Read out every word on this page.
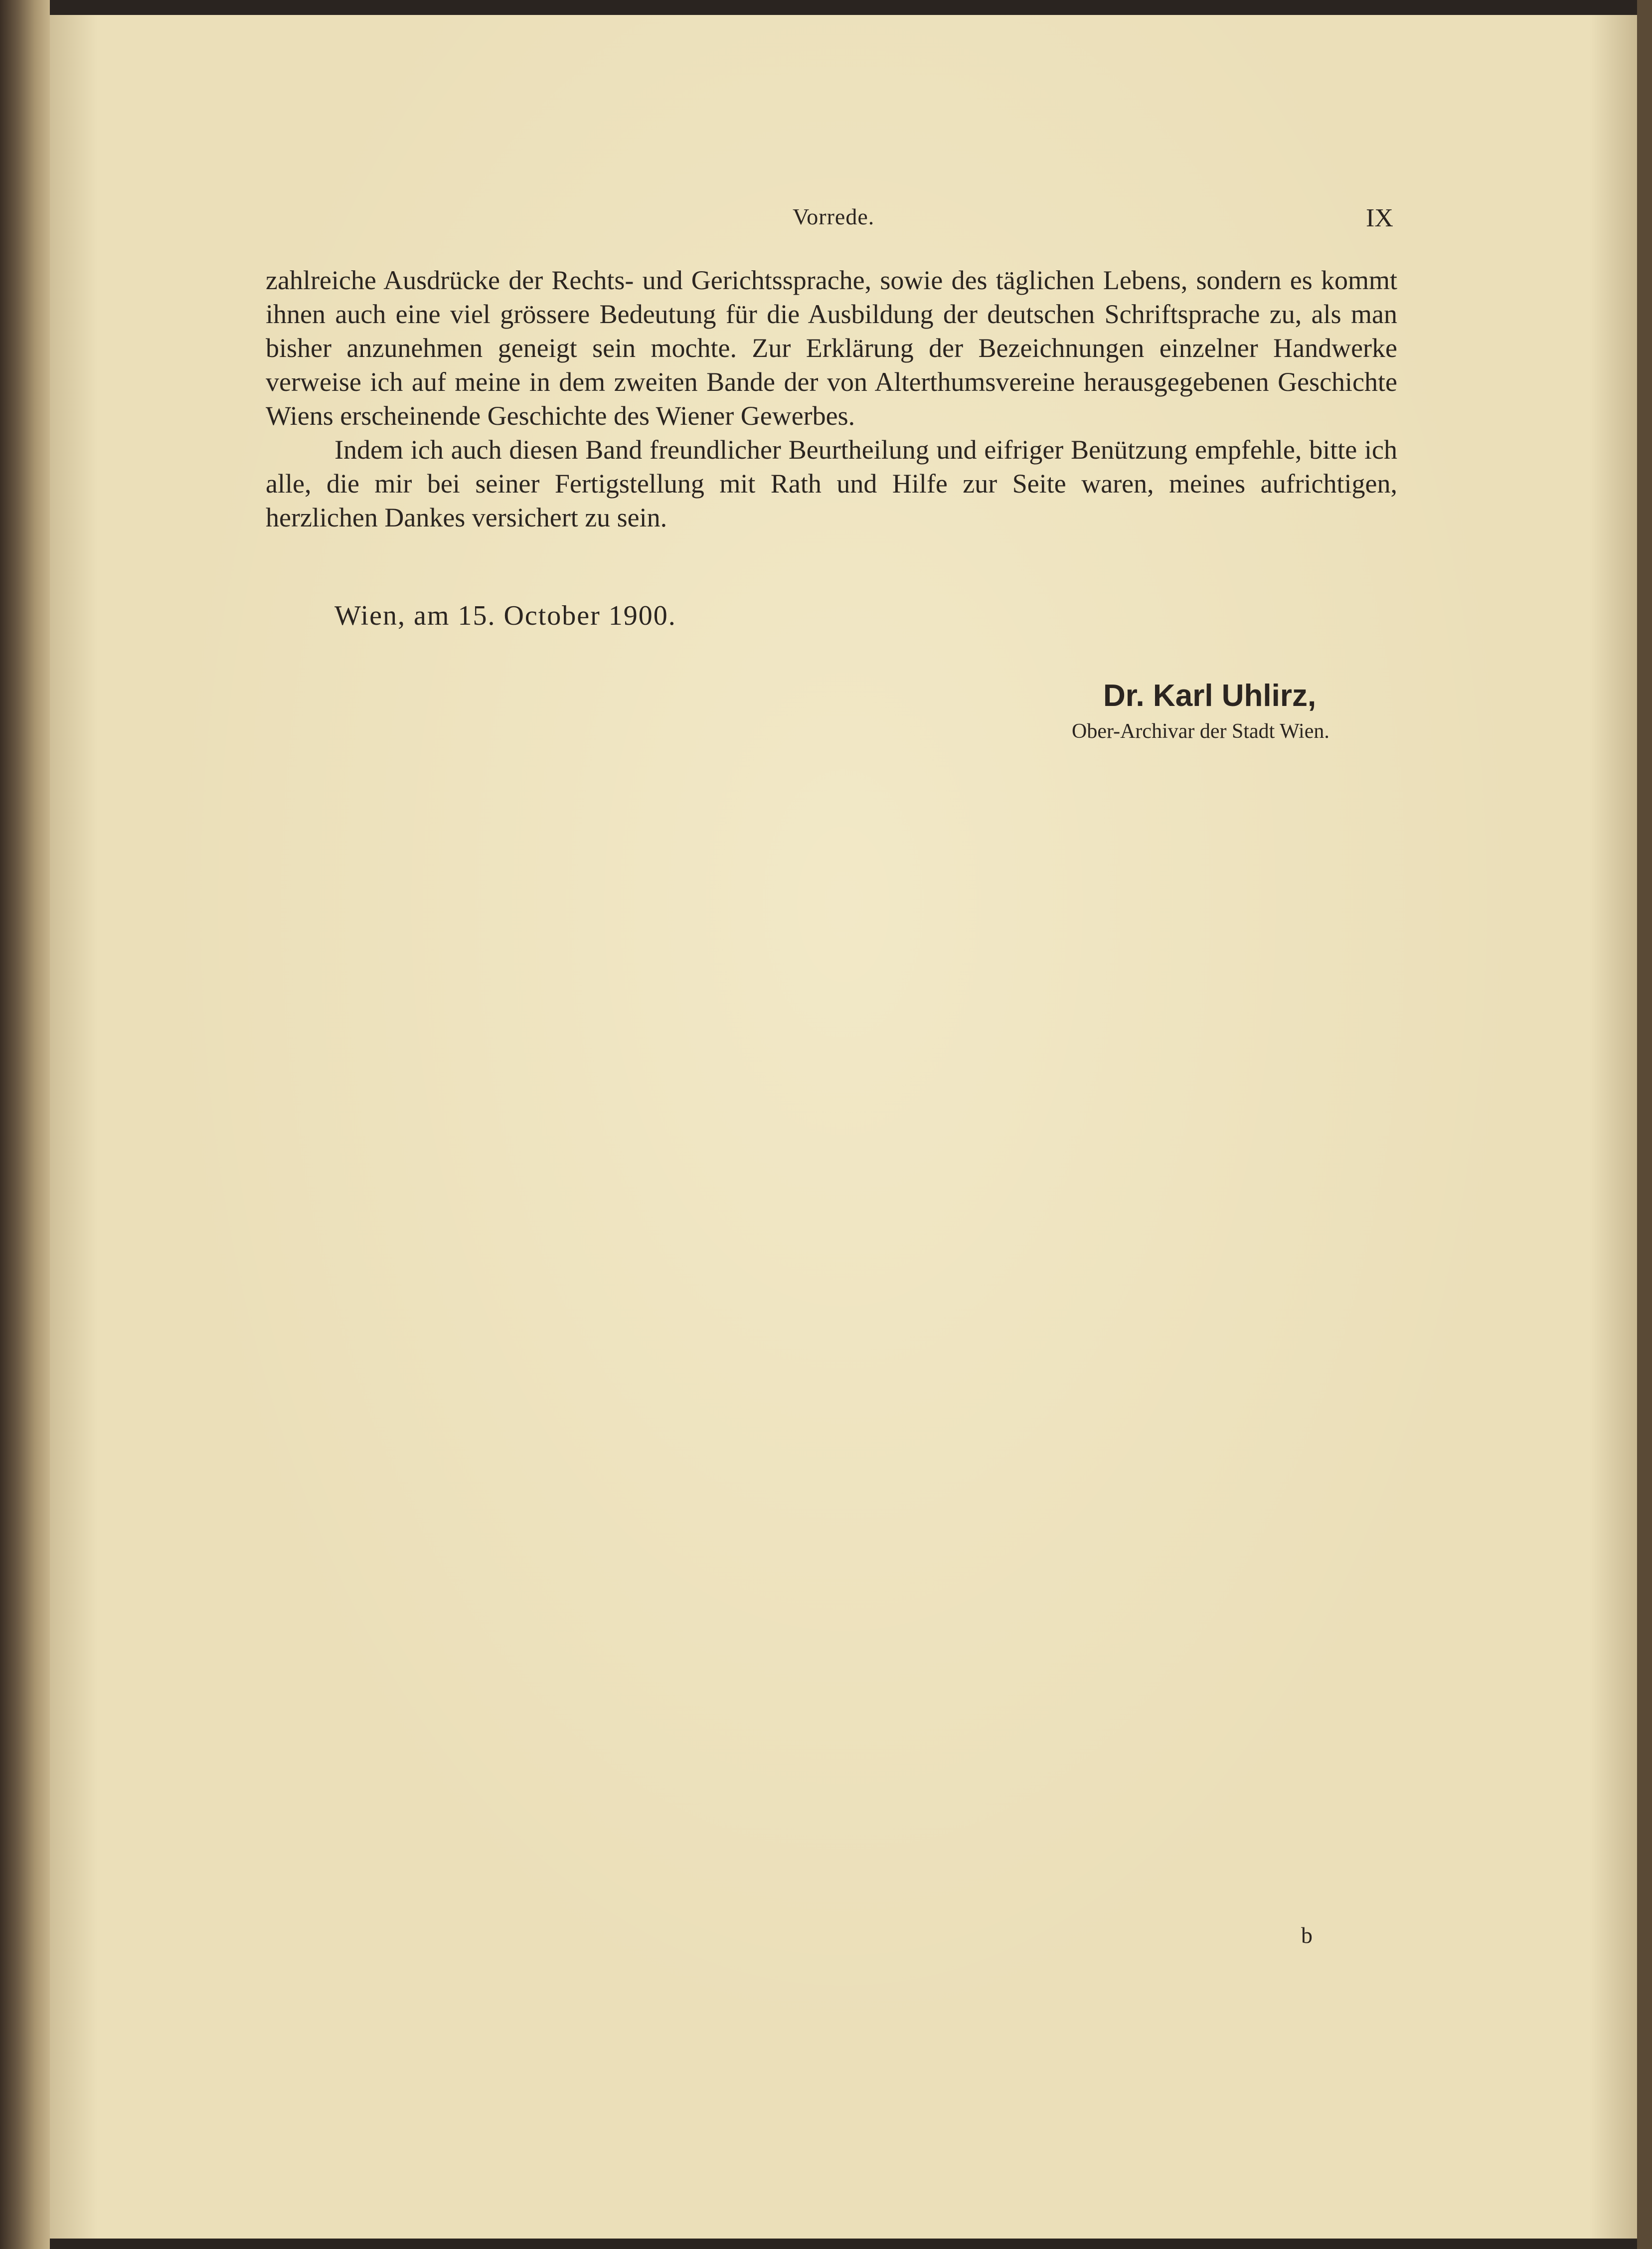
Vorrede.	IX

zahlreiche Ausdrücke der Rechts- und Gerichtssprache, sowie des täglichen Lebens, sondern es kommt ihnen auch eine viel grössere Bedeutung für die Ausbildung der deutschen Schriftsprache zu, als man bisher anzunehmen geneigt sein mochte. Zur Erklärung der Bezeichnungen einzelner Handwerke verweise ich auf meine in dem zweiten Bande der von Alterthumsvereine herausgegebenen Geschichte Wiens erscheinende Geschichte des Wiener Gewerbes.

Indem ich auch diesen Band freundlicher Beurtheilung und eifriger Benützung empfehle, bitte ich alle, die mir bei seiner Fertigstellung mit Rath und Hilfe zur Seite waren, meines aufrichtigen, herzlichen Dankes versichert zu sein.

Wien, am 15. October 1900.
Dr. Karl Uhlirz,
Ober-Archivar der Stadt Wien.
b
